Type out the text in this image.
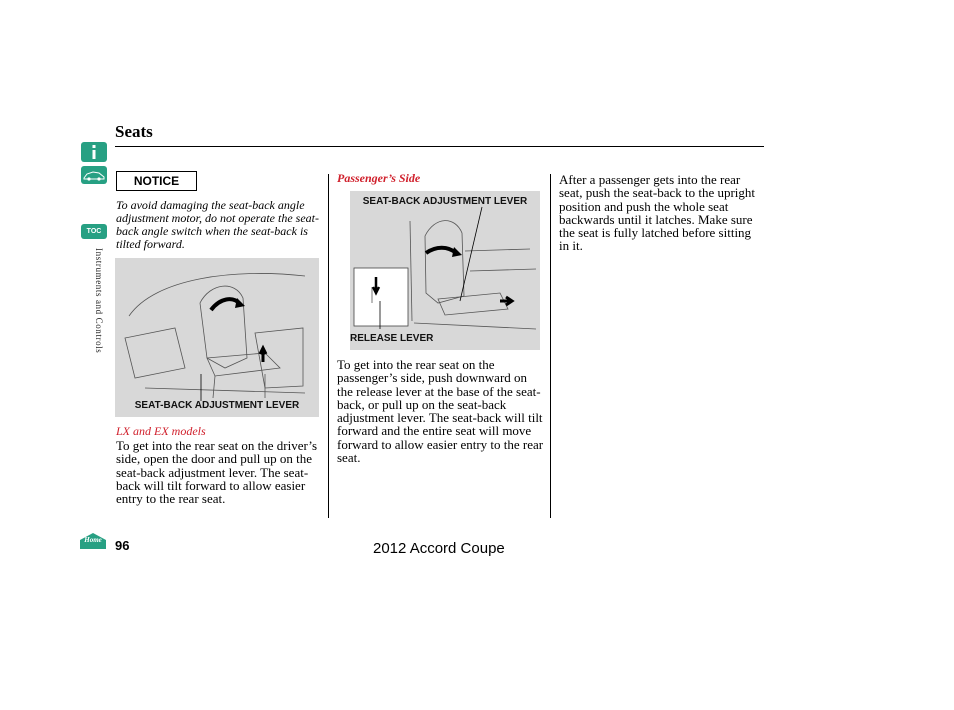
Seats
TOC
Instruments and Controls
NOTICE
To avoid damaging the seat-back angle adjustment motor, do not operate the seat-back angle switch when the seat-back is tilted forward.
SEAT-BACK ADJUSTMENT LEVER
LX and EX models
To get into the rear seat on the driver’s side, open the door and pull up on the seat-back adjustment lever. The seat-back will tilt forward to allow easier entry to the rear seat.
Passenger’s Side
SEAT-BACK ADJUSTMENT LEVER
RELEASE LEVER
To get into the rear seat on the passenger’s side, push downward on the release lever at the base of the seat-back, or pull up on the seat-back adjustment lever. The seat-back will tilt forward and the entire seat will move forward to allow easier entry to the rear seat.
After a passenger gets into the rear seat, push the seat-back to the upright position and push the whole seat backwards until it latches. Make sure the seat is fully latched before sitting in it.
Home	96	2012 Accord Coupe
